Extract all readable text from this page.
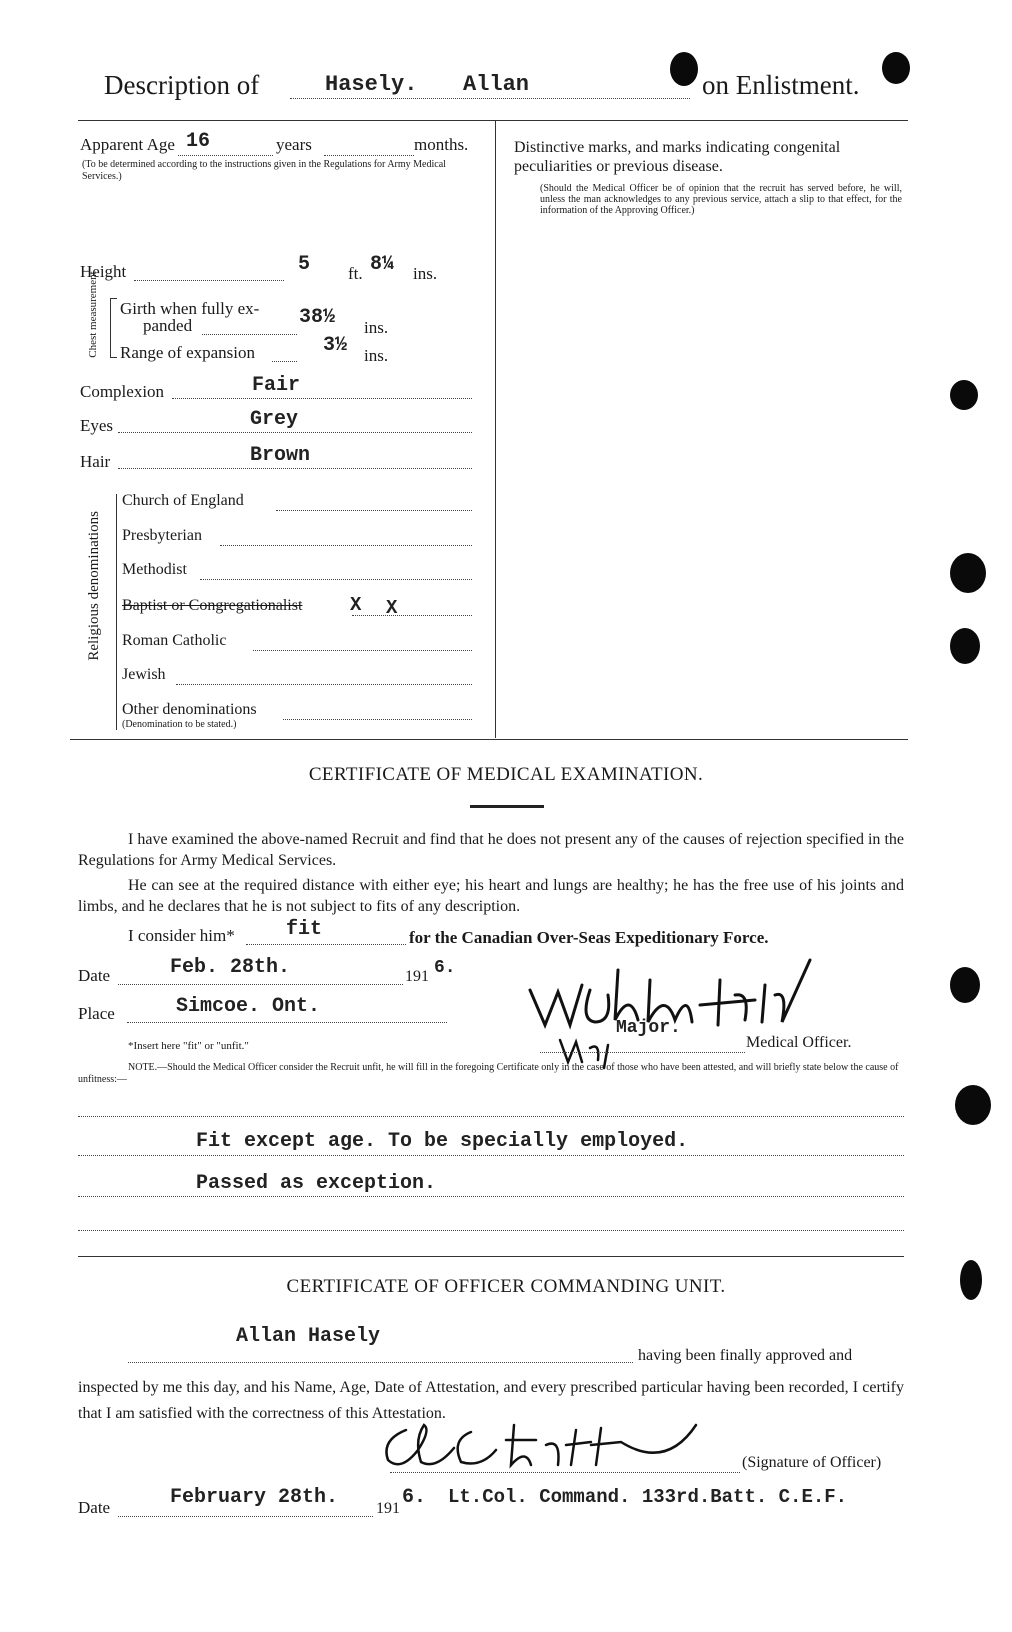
Description of	Hasely. Allan	on Enlistment.
Apparent Age 16	years	months.
(To be determined according to the instructions given in the Regulations for Army Medical Services.)
Height	5 ft. 8¼ ins.
Chest measurement Girth when fully ex-
panded	38½ ins.
Range of expansion	3½ ins.
Complexion	Fair
Eyes	Grey
Hair	Brown
Religious denominations
Church of England
Presbyterian
Methodist
Baptist or Congregationalist	X X
Roman Catholic
Jewish
Other denominations
(Denomination to be stated.)
Distinctive marks, and marks indicating congenital peculiarities or previous disease.
(Should the Medical Officer be of opinion that the recruit has served before, he will, unless the man acknowledges to any previous service, attach a slip to that effect, for the information of the Approving Officer.)
CERTIFICATE OF MEDICAL EXAMINATION.
I have examined the above-named Recruit and find that he does not present any of the causes of rejection specified in the Regulations for Army Medical Services.
He can see at the required distance with either eye; his heart and lungs are healthy; he has the free use of his joints and limbs, and he declares that he is not subject to fits of any description.
I consider him*	fit	for the Canadian Over-Seas Expeditionary Force.
Date	Feb. 28th.	191 6.
Place	Simcoe. Ont.
Major.
Medical Officer.
*Insert here "fit" or "unfit."
NOTE.—Should the Medical Officer consider the Recruit unfit, he will fill in the foregoing Certificate only in the case of those who have been attested, and will briefly state below the cause of unfitness:—
Fit except age. To be specially employed.
Passed as exception.
CERTIFICATE OF OFFICER COMMANDING UNIT.
Allan Hasely
having been finally approved and
inspected by me this day, and his Name, Age, Date of Attestation, and every prescribed particular having been recorded, I certify that I am satisfied with the correctness of this Attestation.
(Signature of Officer)
Date	February 28th. 191 6. Lt.Col. Command. 133rd.Batt. C.E.F.
